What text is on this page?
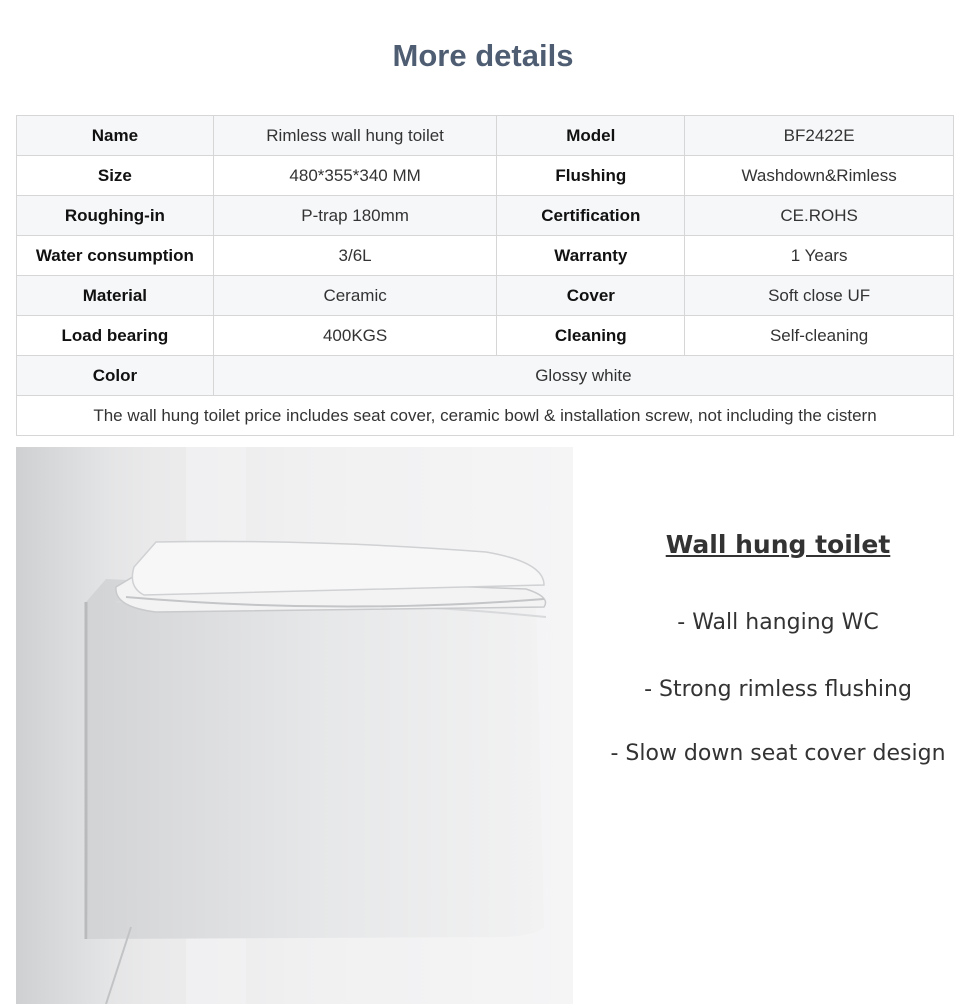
More details
Name	Rimless wall hung toilet	Model	BF2422E
Size	480*355*340 MM	Flushing	Washdown&Rimless
Roughing-in	P-trap 180mm	Certification	CE.ROHS
Water consumption	3/6L	Warranty	1 Years
Material	Ceramic	Cover	Soft close UF
Load bearing	400KGS	Cleaning	Self-cleaning
Color	Glossy white		
The wall hung toilet price includes seat cover, ceramic bowl & installation screw, not including the cistern			
Wall hung toilet
- Wall hanging WC
- Strong rimless flushing
- Slow down seat cover design
